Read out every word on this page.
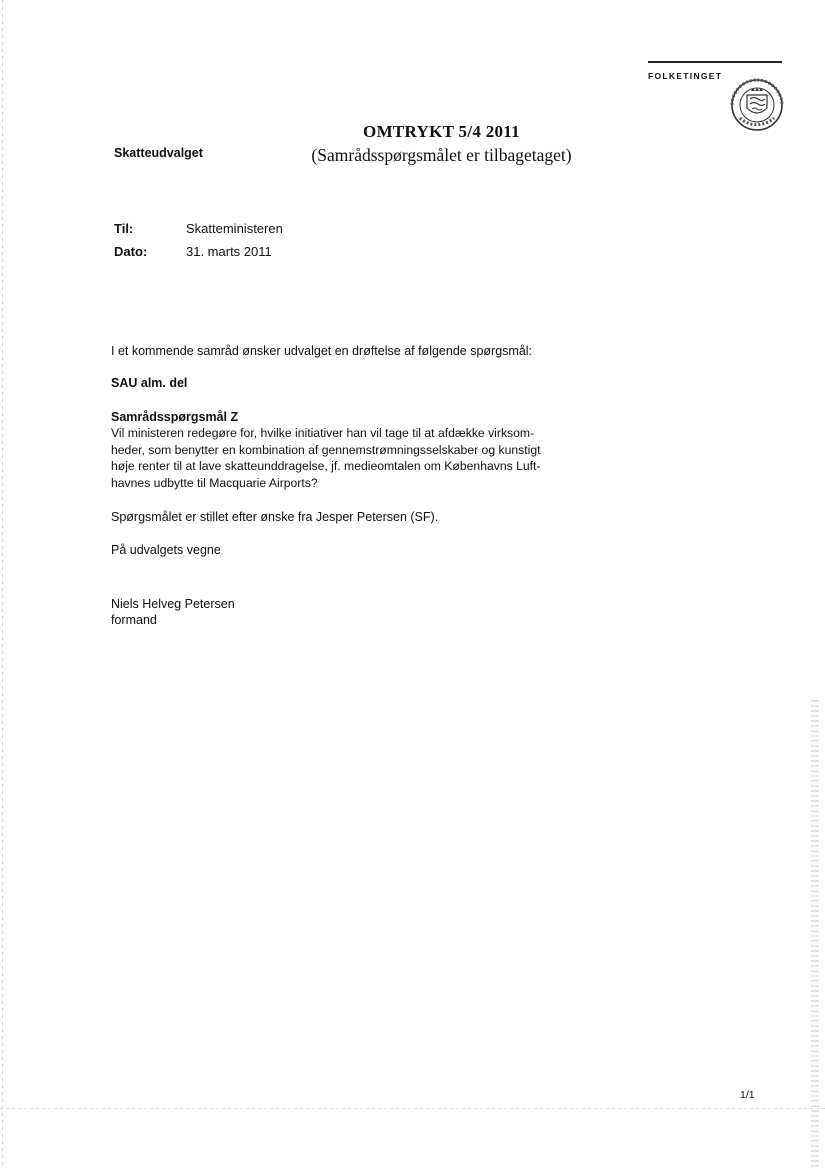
FOLKETINGET
OMTRYKT 5/4 2011
(Samrådsspørgsmålet er tilbagetaget)
Skatteudvalget
Til:	Skatteministeren
Dato:	31. marts 2011
I et kommende samråd ønsker udvalget en drøftelse af følgende spørgsmål:
SAU alm. del
Samrådsspørgsmål Z
Vil ministeren redegøre for, hvilke initiativer han vil tage til at afdække virksom-
heder, som benytter en kombination af gennemstrømningsselskaber og kunstigt
høje renter til at lave skatteunddragelse, jf. medieomtalen om Københavns Luft-
havnes udbytte til Macquarie Airports?
Spørgsmålet er stillet efter ønske fra Jesper Petersen (SF).
På udvalgets vegne
Niels Helveg Petersen
formand
1/1
